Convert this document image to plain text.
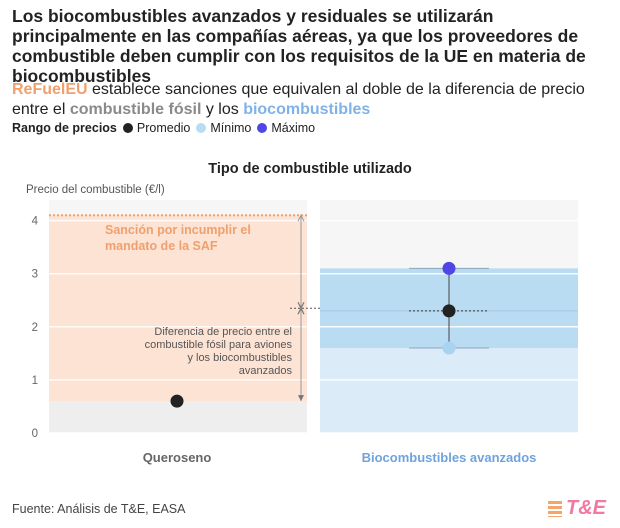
Los biocombustibles avanzados y residuales se utilizarán principalmente en las compañías aéreas, ya que los proveedores de combustible deben cumplir con los requisitos de la UE en materia de biocombustibles
ReFuelEU establece sanciones que equivalen al doble de la diferencia de precio entre el combustible fósil y los biocombustibles
Rango de precios Promedio Mínimo Máximo
Tipo de combustible utilizado
Precio del combustible (€/l)
0
1
2
3
4
Sanción por incumplir el mandato de la SAF
Diferencia de precio entre el combustible fósil para aviones y los biocombustibles avanzados
Queroseno	Biocombustibles avanzados
Fuente: Análisis de T&E, EASA	T&E
